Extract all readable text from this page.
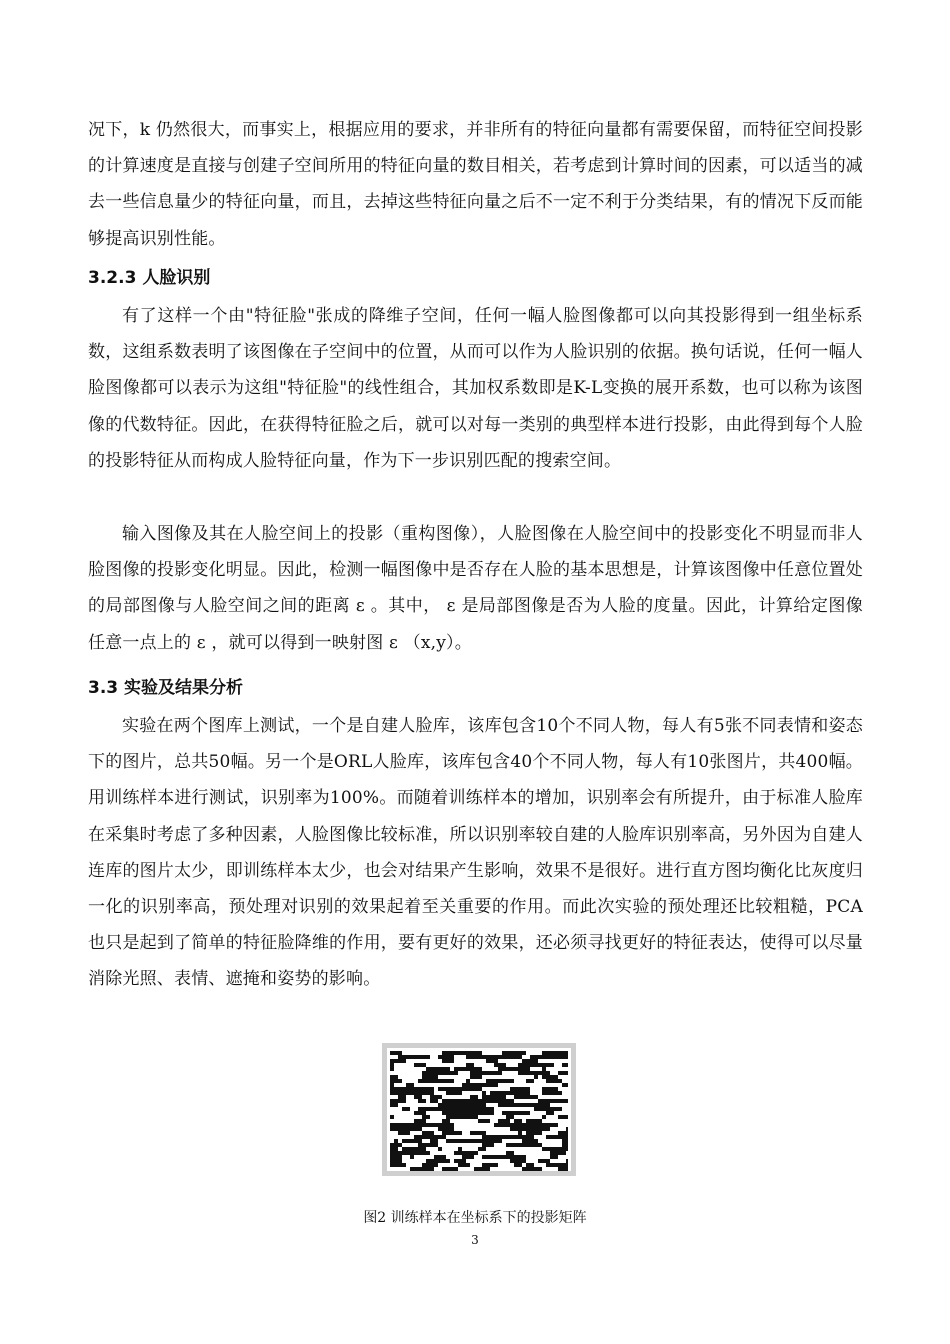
况下，k 仍然很大，而事实上，根据应用的要求，并非所有的特征向量都有需要保留，而特征空间投影的计算速度是直接与创建子空间所用的特征向量的数目相关，若考虑到计算时间的因素，可以适当的减去一些信息量少的特征向量，而且，去掉这些特征向量之后不一定不利于分类结果，有的情况下反而能够提高识别性能。

3.2.3 人脸识别

有了这样一个由"特征脸"张成的降维子空间，任何一幅人脸图像都可以向其投影得到一组坐标系数，这组系数表明了该图像在子空间中的位置，从而可以作为人脸识别的依据。换句话说，任何一幅人脸图像都可以表示为这组"特征脸"的线性组合，其加权系数即是K-L变换的展开系数，也可以称为该图像的代数特征。因此，在获得特征脸之后，就可以对每一类别的典型样本进行投影，由此得到每个人脸的投影特征从而构成人脸特征向量，作为下一步识别匹配的搜索空间。

输入图像及其在人脸空间上的投影（重构图像），人脸图像在人脸空间中的投影变化不明显而非人脸图像的投影变化明显。因此，检测一幅图像中是否存在人脸的基本思想是，计算该图像中任意位置处的局部图像与人脸空间之间的距离 ε 。其中， ε 是局部图像是否为人脸的度量。因此，计算给定图像任意一点上的 ε ，就可以得到一映射图 ε （x,y）。

3.3 实验及结果分析

实验在两个图库上测试，一个是自建人脸库，该库包含10个不同人物，每人有5张不同表情和姿态下的图片，总共50幅。另一个是ORL人脸库，该库包含40个不同人物，每人有10张图片，共400幅。用训练样本进行测试，识别率为100%。而随着训练样本的增加，识别率会有所提升，由于标准人脸库在采集时考虑了多种因素，人脸图像比较标准，所以识别率较自建的人脸库识别率高，另外因为自建人连库的图片太少，即训练样本太少，也会对结果产生影响，效果不是很好。进行直方图均衡化比灰度归一化的识别率高，预处理对识别的效果起着至关重要的作用。而此次实验的预处理还比较粗糙，PCA也只是起到了简单的特征脸降维的作用，要有更好的效果，还必须寻找更好的特征表达，使得可以尽量消除光照、表情、遮掩和姿势的影响。

图2 训练样本在坐标系下的投影矩阵
3
